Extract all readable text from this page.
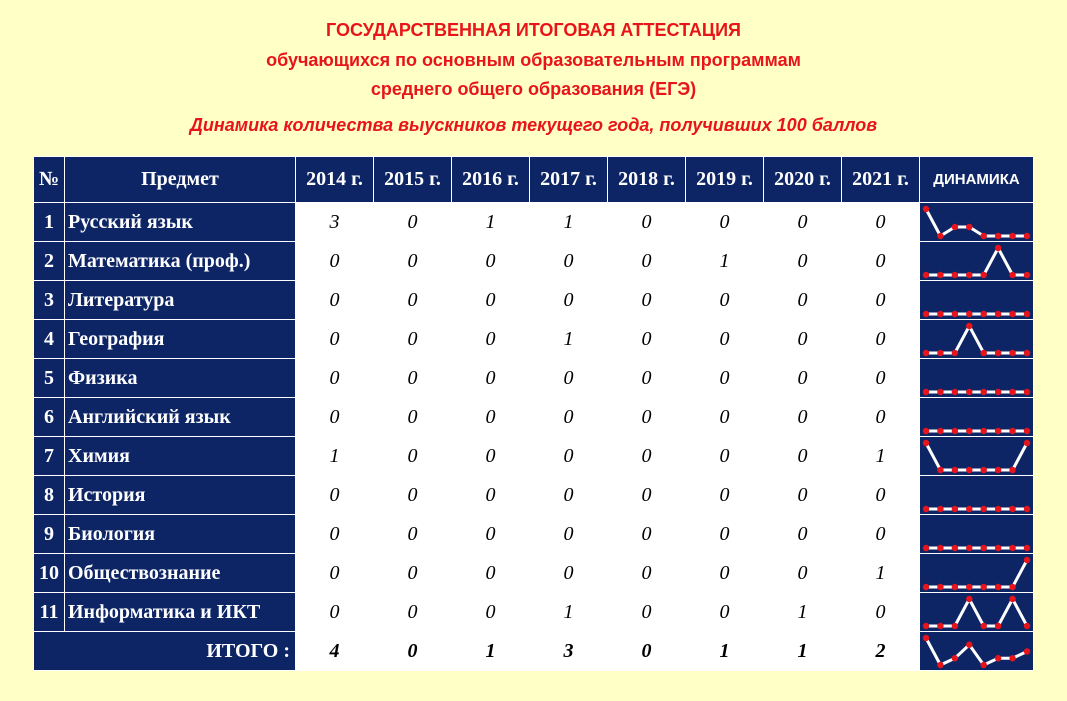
ГОСУДАРСТВЕННАЯ ИТОГОВАЯ АТТЕСТАЦИЯ
обучающихся по основным образовательным программам
среднего общего образования (ЕГЭ)
Динамика количества выускников текущего года, получивших 100 баллов
№	Предмет	2014 г.	2015 г.	2016 г.	2017 г.	2018 г.	2019 г.	2020 г.	2021 г.	ДИНАМИКА
1	Русский язык	3	0	1	1	0	0	0	0	

2	Математика (проф.)	0	0	0	0	0	1	0	0	

3	Литература	0	0	0	0	0	0	0	0	

4	География	0	0	0	1	0	0	0	0	

5	Физика	0	0	0	0	0	0	0	0	

6	Английский язык	0	0	0	0	0	0	0	0	

7	Химия	1	0	0	0	0	0	0	1	

8	История	0	0	0	0	0	0	0	0	

9	Биология	0	0	0	0	0	0	0	0	

10	Обществознание	0	0	0	0	0	0	0	1	

11	Информатика и ИКТ	0	0	0	1	0	0	1	0	

ИТОГО :		4	0	1	3	0	1	1	2	
